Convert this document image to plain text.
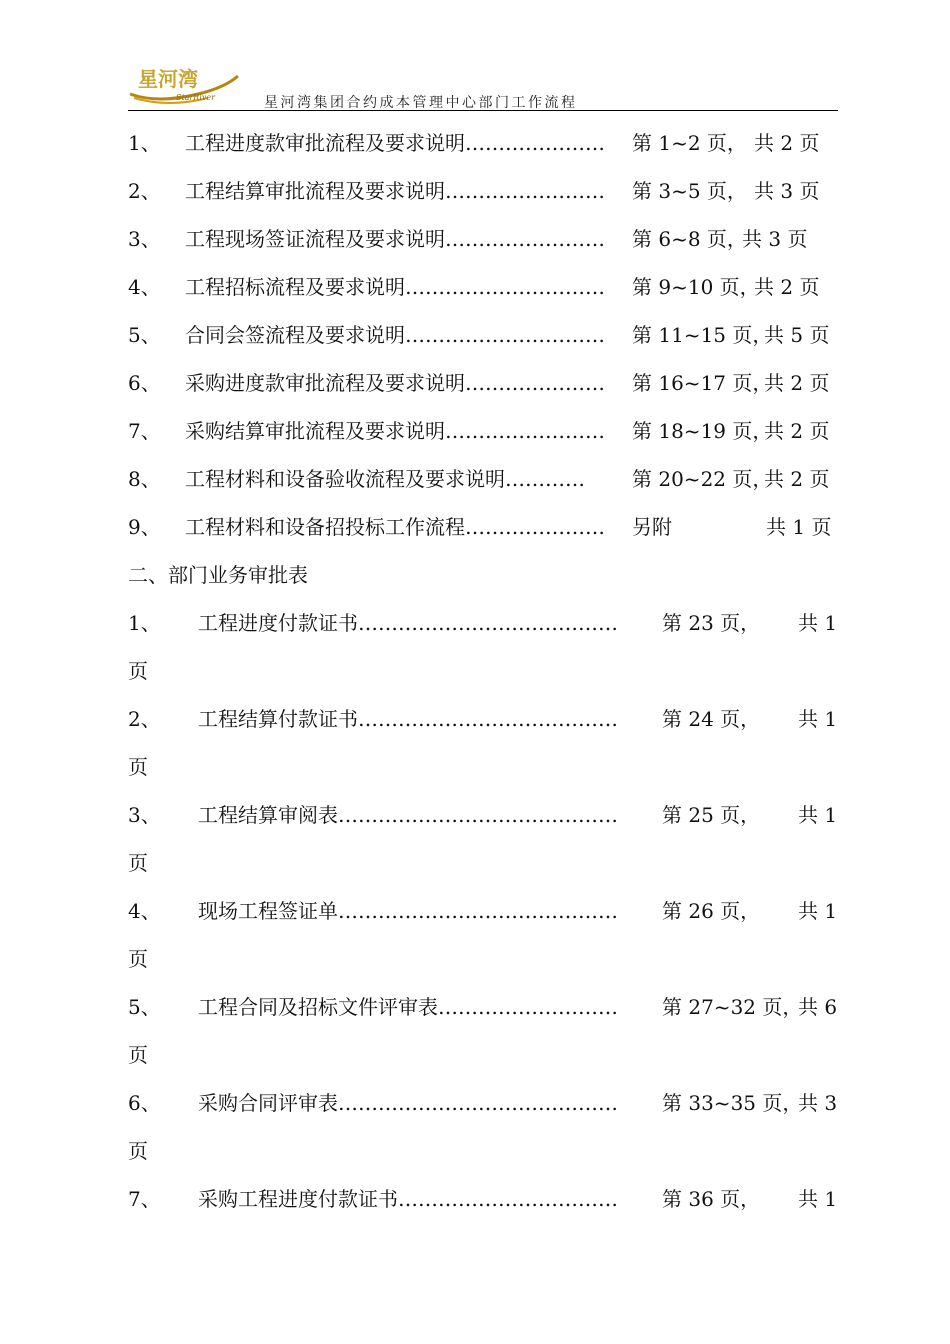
星河湾
StarRiver	星河湾集团合约成本管理中心部门工作流程
1、 工程进度款审批流程及要求说明………………… 第 1~2 页， 共 2 页
2、 工程结算审批流程及要求说明…………………… 第 3~5 页， 共 3 页
3、 工程现场签证流程及要求说明…………………… 第 6~8 页，
共 3 页
4、 工程招标流程及要求说明………………………… 第 9~10 页，
共 2 页
5、 合同会签流程及要求说明………………………… 第 11~15 页，
共 5 页
6、 采购进度款审批流程及要求说明………………… 第 16~17 页，
共 2 页
7、 采购结算审批流程及要求说明…………………… 第 18~19 页，
共 2 页
8、 工程材料和设备验收流程及要求说明………… 第 20~22 页，
共 2 页
9、 工程材料和设备招投标工作流程………………… 另附	共 1 页
二、部门业务审批表
1、 工程进度付款证书………………………………… 第 23 页， 共 1
页
2、 工程结算付款证书………………………………… 第 24 页， 共 1
页
3、 工程结算审阅表…………………………………… 第 25 页， 共 1
页
4、 现场工程签证单…………………………………… 第 26 页， 共 1
页
5、 工程合同及招标文件评审表……………………… 第 27~32 页，
共 6
页
6、 采购合同评审表…………………………………… 第 33~35 页，
共 3
页
7、 采购工程进度付款证书…………………………… 第 36 页， 共 1
